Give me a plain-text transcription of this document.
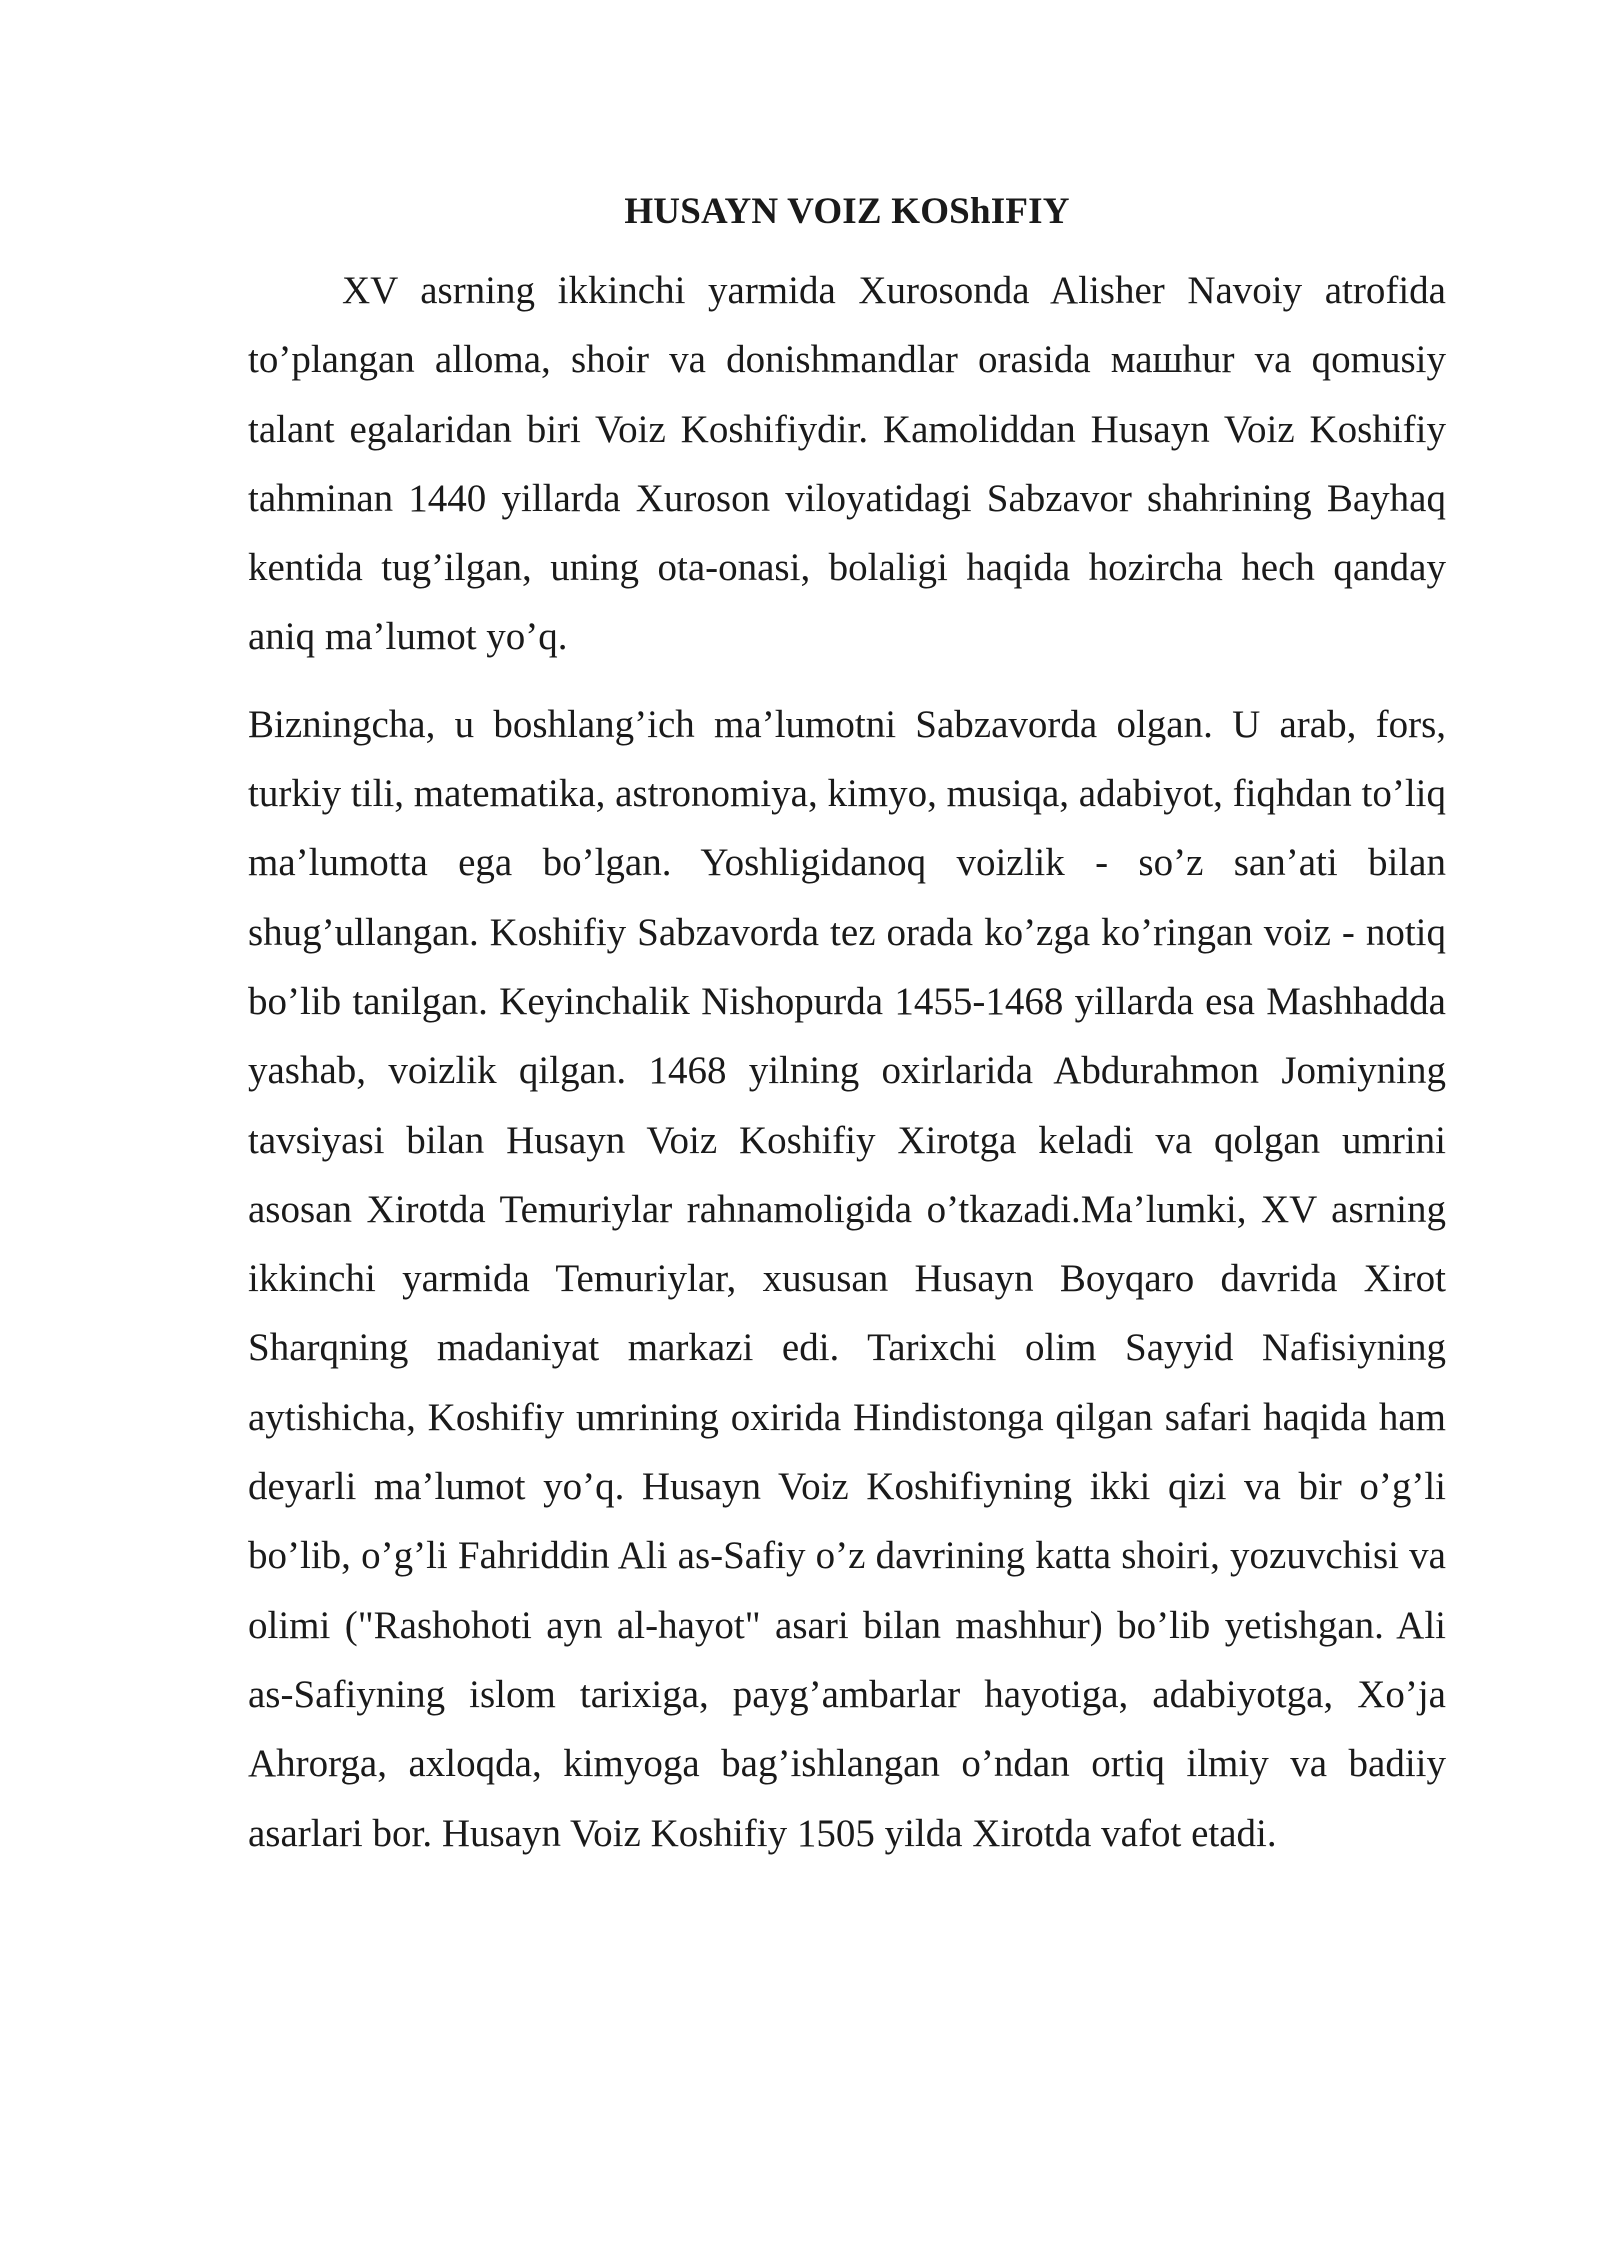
HUSAYN VOIZ KOShIFIY

XV asrning ikkinchi yarmida Xurosonda Alisher Navoiy atrofida to’plangan alloma, shoir va donishmandlar orasida машhur va qomusiy talant egalaridan biri Voiz Koshifiydir. Kamoliddan Husayn Voiz Koshifiy tahminan 1440 yillarda Xuroson viloyatidagi Sabzavor shahrining Bayhaq kentida tug’ilgan, uning ota-onasi, bolaligi haqida hozircha hech qanday aniq ma’lumot yo’q.

Bizningcha, u boshlang’ich ma’lumotni Sabzavorda olgan. U arab, fors, turkiy tili, matematika, astronomiya, kimyo, musiqa, adabiyot, fiqhdan to’liq ma’lumotta ega bo’lgan. Yoshligidanoq voizlik - so’z san’ati bilan shug’ullangan. Koshifiy Sabzavorda tez orada ko’zga ko’ringan voiz - notiq bo’lib tanilgan. Keyinchalik Nishopurda 1455-1468 yillarda esa Mashhadda yashab, voizlik qilgan. 1468 yilning oxirlarida Abdurahmon Jomiyning tavsiyasi bilan Husayn Voiz Koshifiy Xirotga keladi va qolgan umrini asosan Xirotda Temuriylar rahnamoligida o’tkazadi.Ma’lumki, XV asrning ikkinchi yarmida Temuriylar, xususan Husayn Boyqaro davrida Xirot Sharqning madaniyat markazi edi. Tarixchi olim Sayyid Nafisiyning aytishicha, Koshifiy umrining oxirida Hindistonga qilgan safari haqida ham deyarli ma’lumot yo’q. Husayn Voiz Koshifiyning ikki qizi va bir o’g’li bo’lib, o’g’li Fahriddin Ali as-Safiy o’z davrining katta shoiri, yozuvchisi va olimi ("Rashohoti ayn al-hayot" asari bilan mashhur) bo’lib yetishgan. Ali as-Safiyning islom tarixiga, payg’ambarlar hayotiga, adabiyotga, Xo’ja Ahrorga, axloqda, kimyoga bag’ishlangan o’ndan ortiq ilmiy va badiiy asarlari bor. Husayn Voiz Koshifiy 1505 yilda Xirotda vafot etadi.
